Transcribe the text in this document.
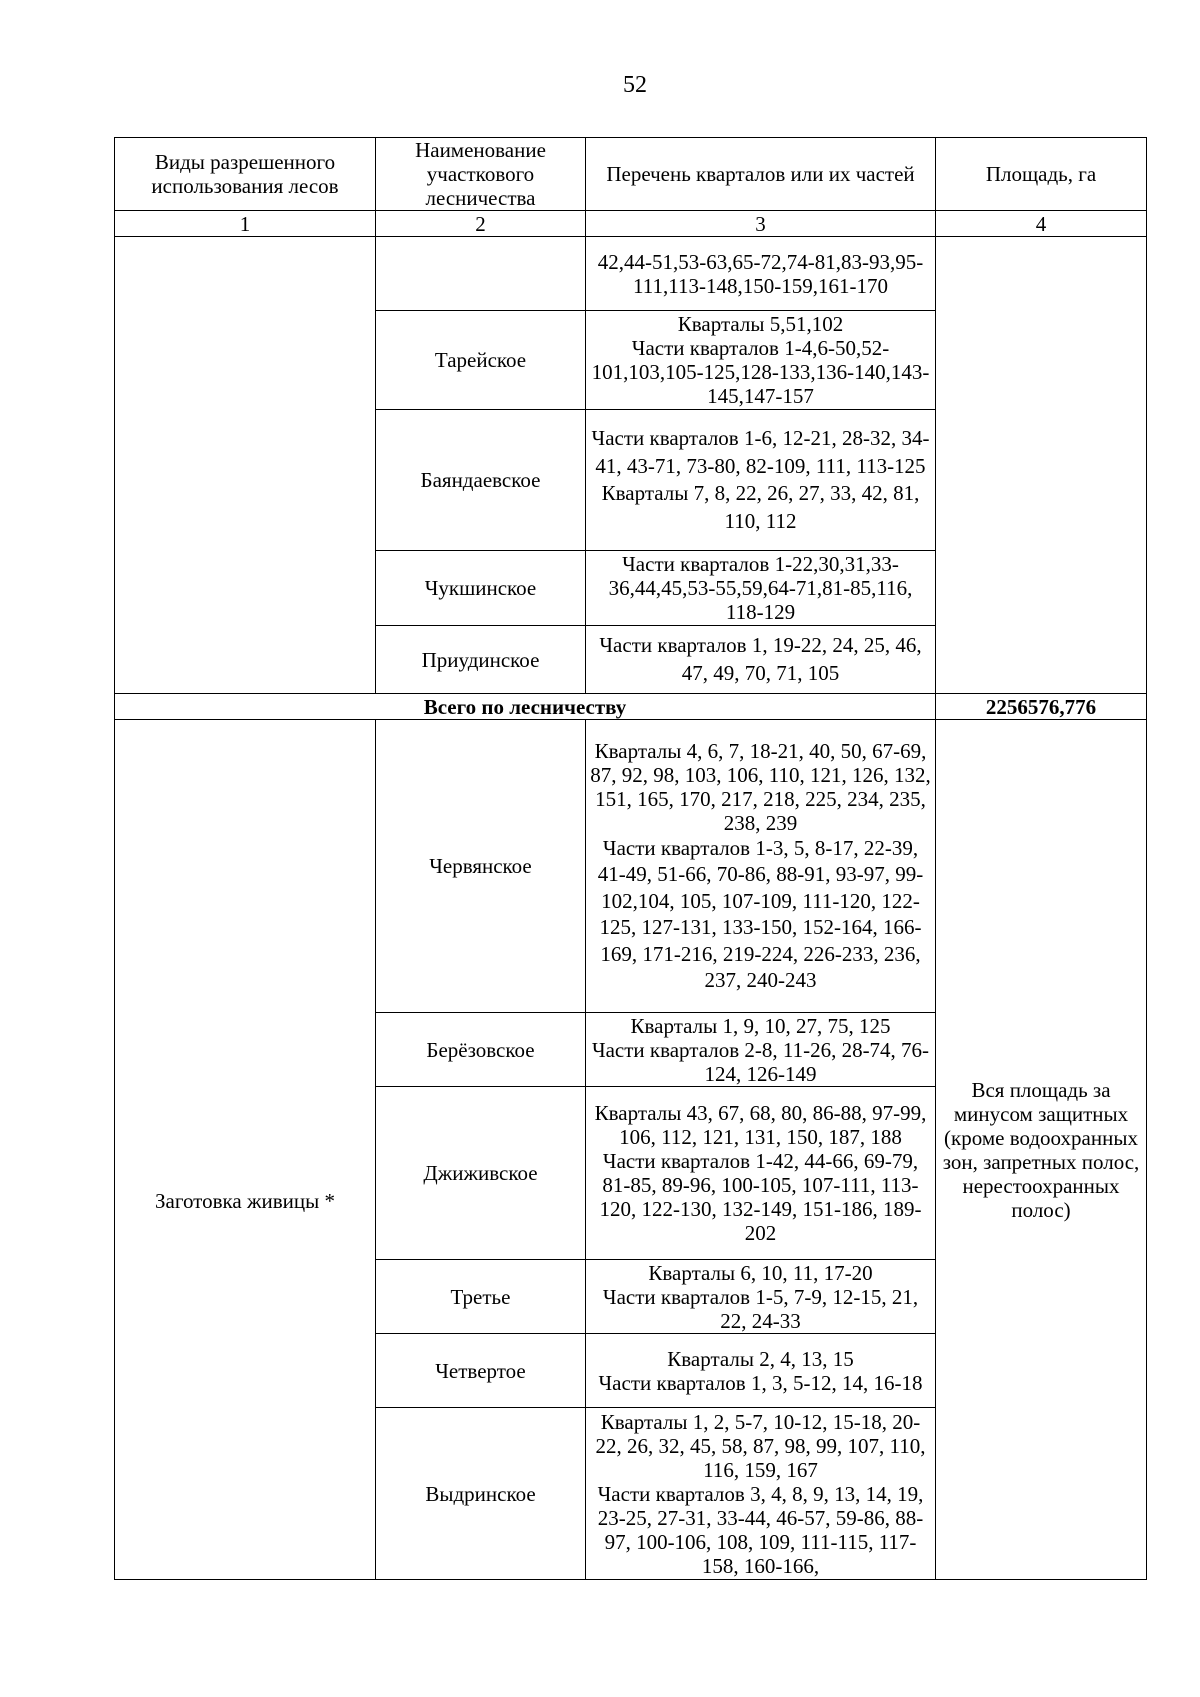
52
Виды разрешенного использования лесов	Наименование участкового лесничества	Перечень кварталов или их частей	Площадь, га
1	2	3	4

		42,44-51,53-63,65-72,74-81,83-93,95-111,113-148,150-159,161-170	

	Тарейское	Кварталы 5,51,102
Части кварталов 1-4,6-50,52-101,103,105-125,128-133,136-140,143-145,147-157	

	Баяндаевское	Части кварталов 1-6, 12-21, 28-32, 34-41, 43-71, 73-80, 82-109, 111, 113-125
Кварталы 7, 8, 22, 26, 27, 33, 42, 81, 110, 112	

	Чукшинское	Части кварталов 1-22,30,31,33-36,44,45,53-55,59,64-71,81-85,116, 118-129	

	Приудинское	Части кварталов 1, 19-22, 24, 25, 46, 47, 49, 70, 71, 105	

Всего по лесничеству			2256576,776
Заготовка живицы *	Червянское	Кварталы 4, 6, 7, 18-21, 40, 50, 67-69, 87, 92, 98, 103, 106, 110, 121, 126, 132, 151, 165, 170, 217, 218, 225, 234, 235, 238, 239
Части кварталов 1-3, 5, 8-17, 22-39, 41-49, 51-66, 70-86, 88-91, 93-97, 99-102,104, 105, 107-109, 111-120, 122-125, 127-131, 133-150, 152-164, 166-169, 171-216, 219-224, 226-233, 236, 237, 240-243	Вся площадь за минусом защитных (кроме водоохранных зон, запретных полос, нерестоохранных полос)
	Берёзовское	Кварталы 1, 9, 10, 27, 75, 125
Части кварталов 2-8, 11-26, 28-74, 76-124, 126-149	

	Джиживское	Кварталы 43, 67, 68, 80, 86-88, 97-99, 106, 112, 121, 131, 150, 187, 188
Части кварталов 1-42, 44-66, 69-79, 81-85, 89-96, 100-105, 107-111, 113-120, 122-130, 132-149, 151-186, 189-202	

	Третье	Кварталы 6, 10, 11, 17-20
Части кварталов 1-5, 7-9, 12-15, 21, 22, 24-33	

	Четвертое	Кварталы 2, 4, 13, 15
Части кварталов 1, 3, 5-12, 14, 16-18	

	Выдринское	Кварталы 1, 2, 5-7, 10-12, 15-18, 20-22, 26, 32, 45, 58, 87, 98, 99, 107, 110, 116, 159, 167
Части кварталов 3, 4, 8, 9, 13, 14, 19, 23-25, 27-31, 33-44, 46-57, 59-86, 88-97, 100-106, 108, 109, 111-115, 117-158, 160-166,	
